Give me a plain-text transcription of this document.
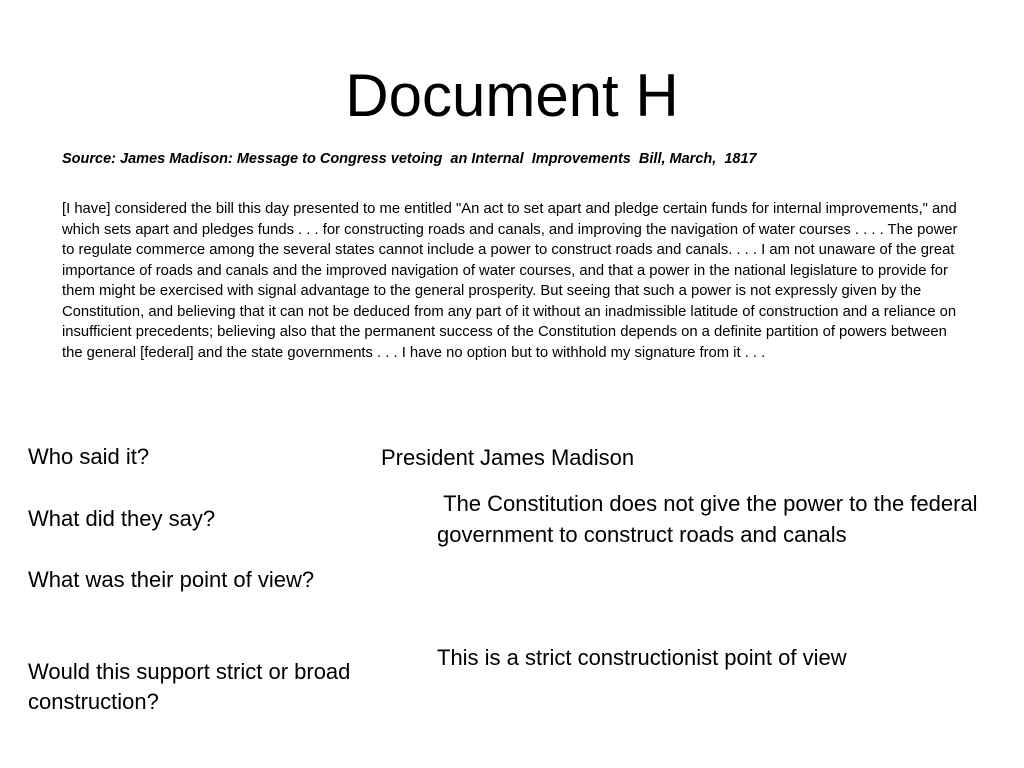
Document H

Source: James Madison: Message to Congress vetoing  an Internal  Improvements  Bill, March,  1817

[I have] considered the bill this day presented to me entitled "An act to set apart and pledge certain funds for internal improvements," and which sets apart and pledges funds . . . for constructing roads and canals, and improving the navigation of water courses . . . . The power to regulate commerce among the several states cannot include a power to construct roads and canals. . . . I am not unaware of the great importance of roads and canals and the improved navigation of water courses, and that a power in the national legislature to provide for them might be exercised with signal advantage to the general prosperity. But seeing that such a power is not expressly given by the Constitution, and believing that it can not be deduced from any part of it without an inadmissible latitude of construction and a reliance on insufficient precedents; believing also that the permanent success of the Constitution depends on a definite partition of powers between the general [federal] and the state governments . . . I have no option but to withhold my signature from it . . .

Who said it?	President James Madison

What did they say?

The Constitution does not give the power to the federal government to construct roads and canals

What was their point of view?

Would this support strict or broad construction?

This is a strict constructionist point of view
